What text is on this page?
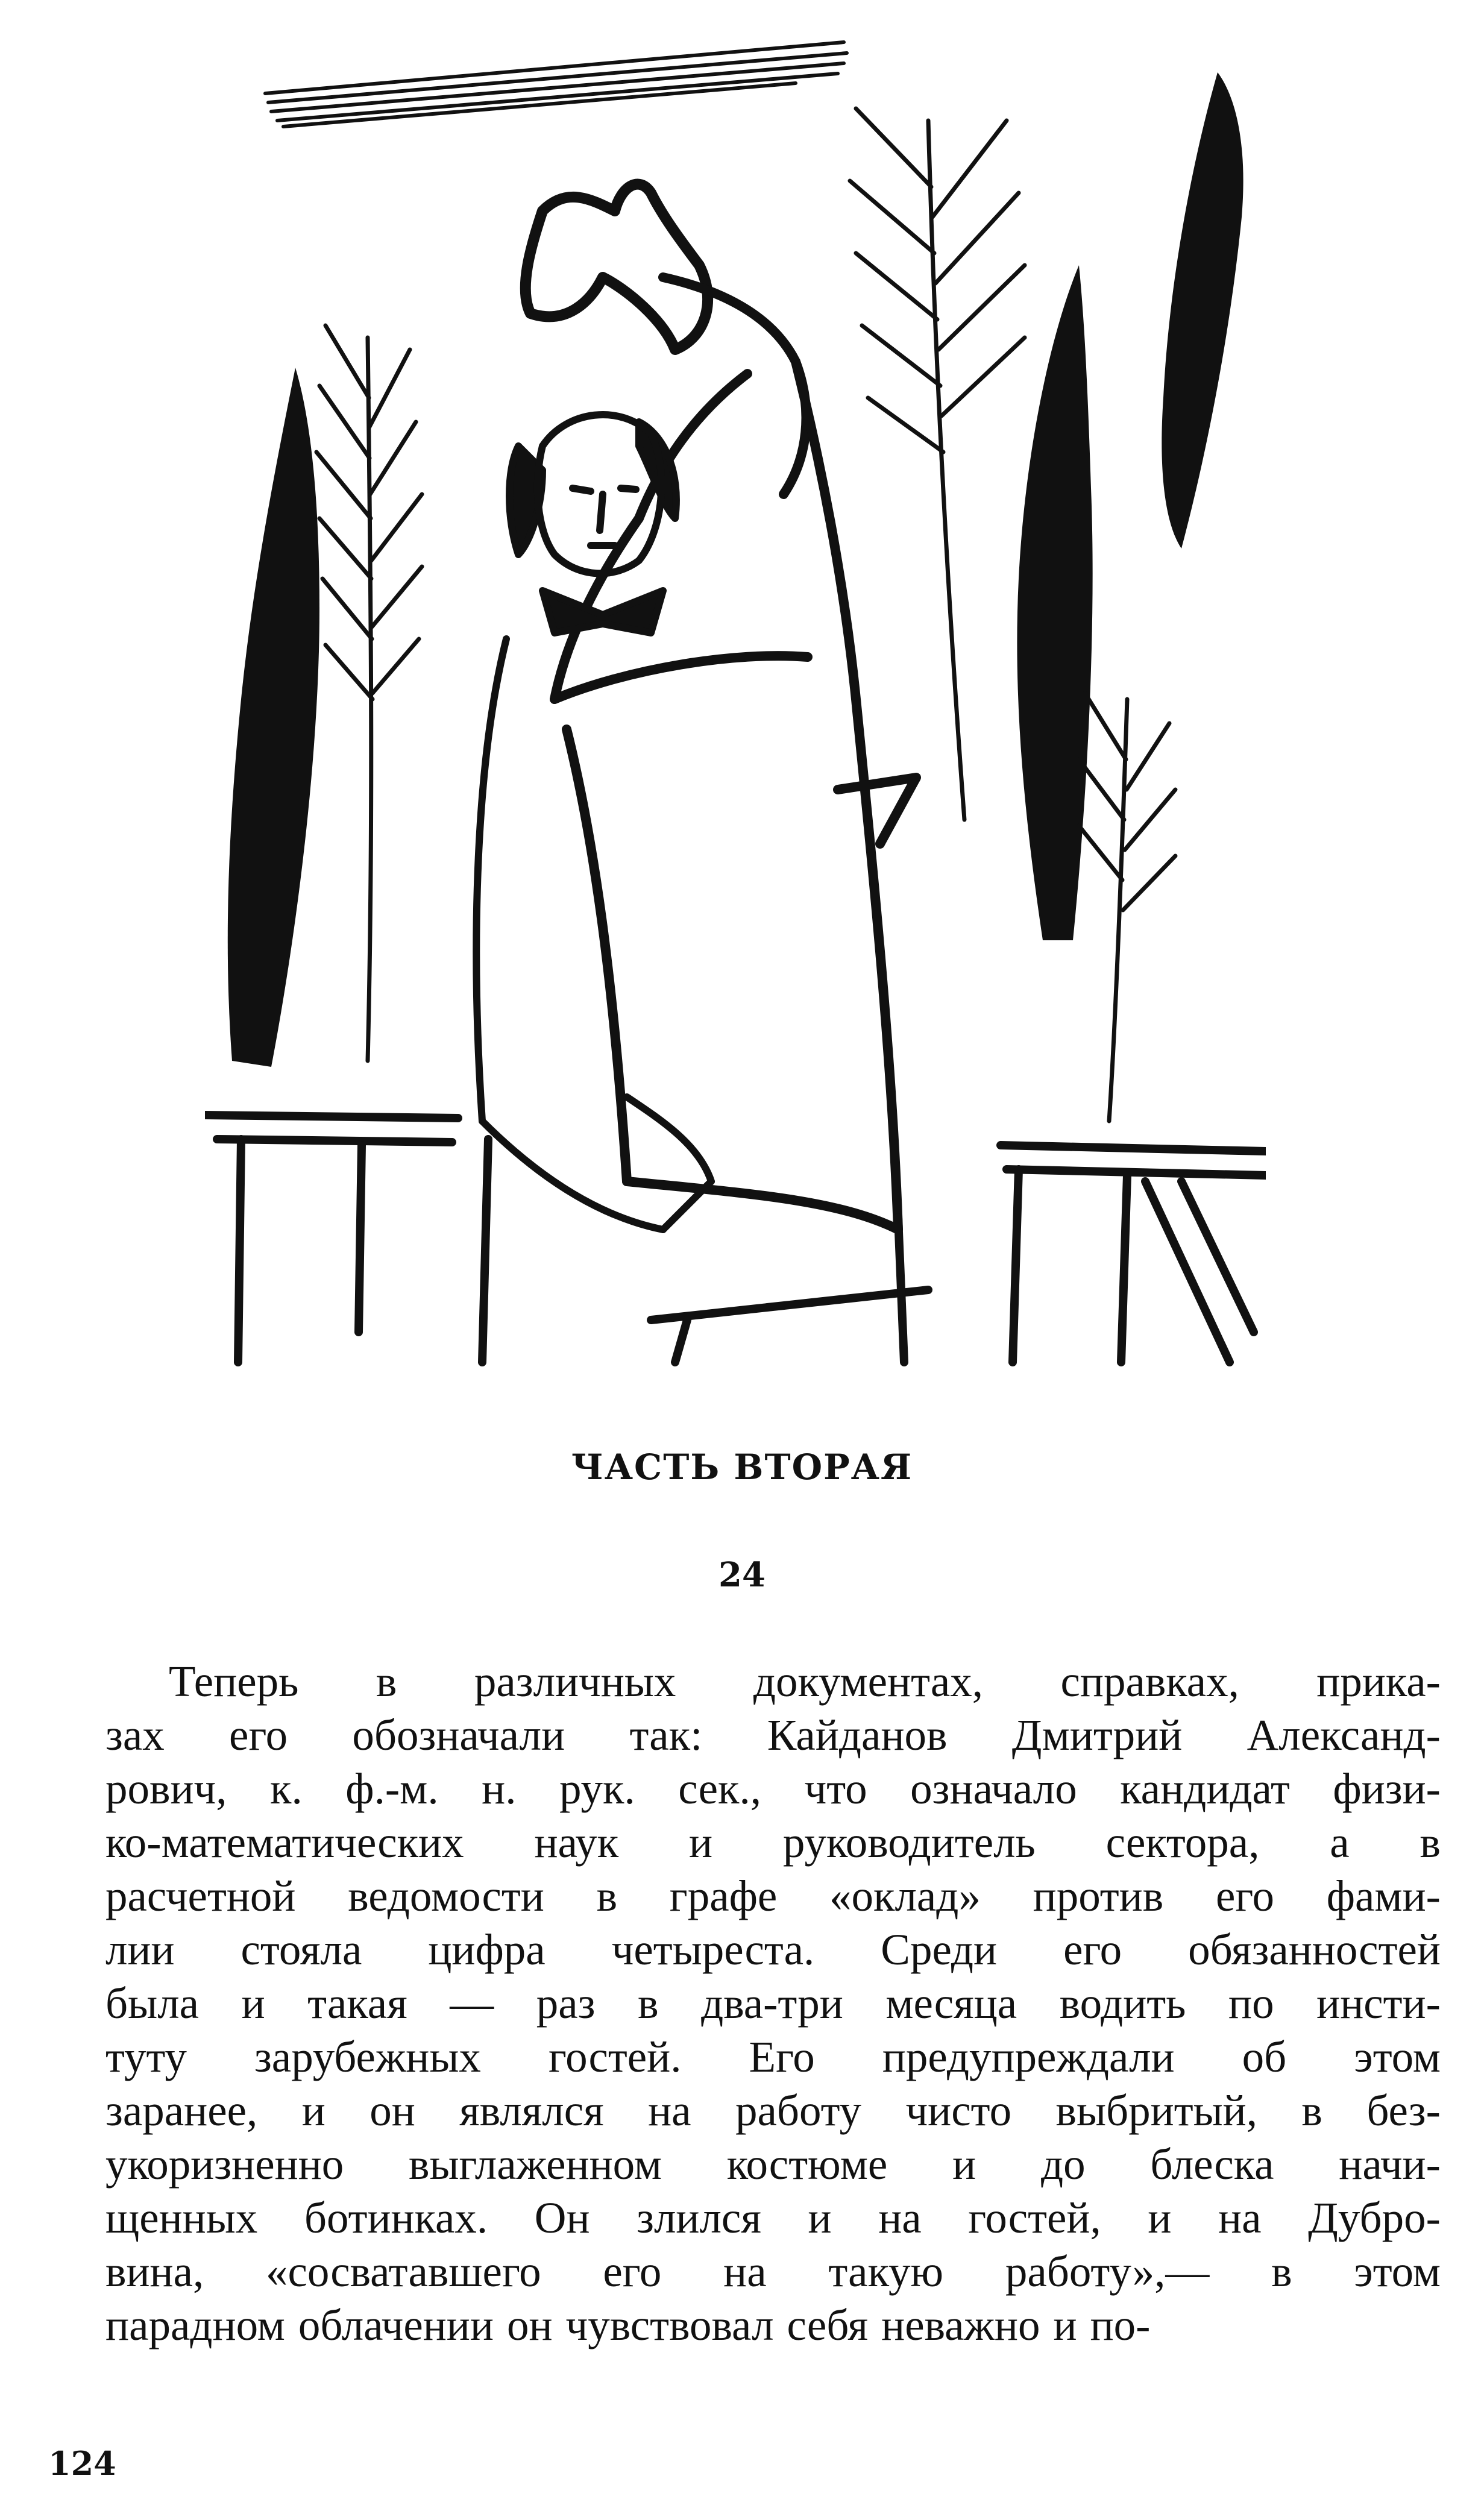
ЧАСТЬ ВТОРАЯ
24
Теперь в различных документах, справках, прика-
зах его обозначали так: Кайданов Дмитрий Александ-
рович, к. ф.-м. н. рук. сек., что означало кандидат физи-
ко-математических наук и руководитель сектора, а в
расчетной ведомости в графе «оклад» против его фами-
лии стояла цифра четыреста. Среди его обязанностей
была и такая — раз в два-три месяца водить по инсти-
туту зарубежных гостей. Его предупреждали об этом
заранее, и он являлся на работу чисто выбритый, в без-
укоризненно выглаженном костюме и до блеска начи-
щенных ботинках. Он злился и на гостей, и на Дубро-
вина, «сосватавшего его на такую работу»,— в этом
парадном облачении он чувствовал себя неважно и по-
124
